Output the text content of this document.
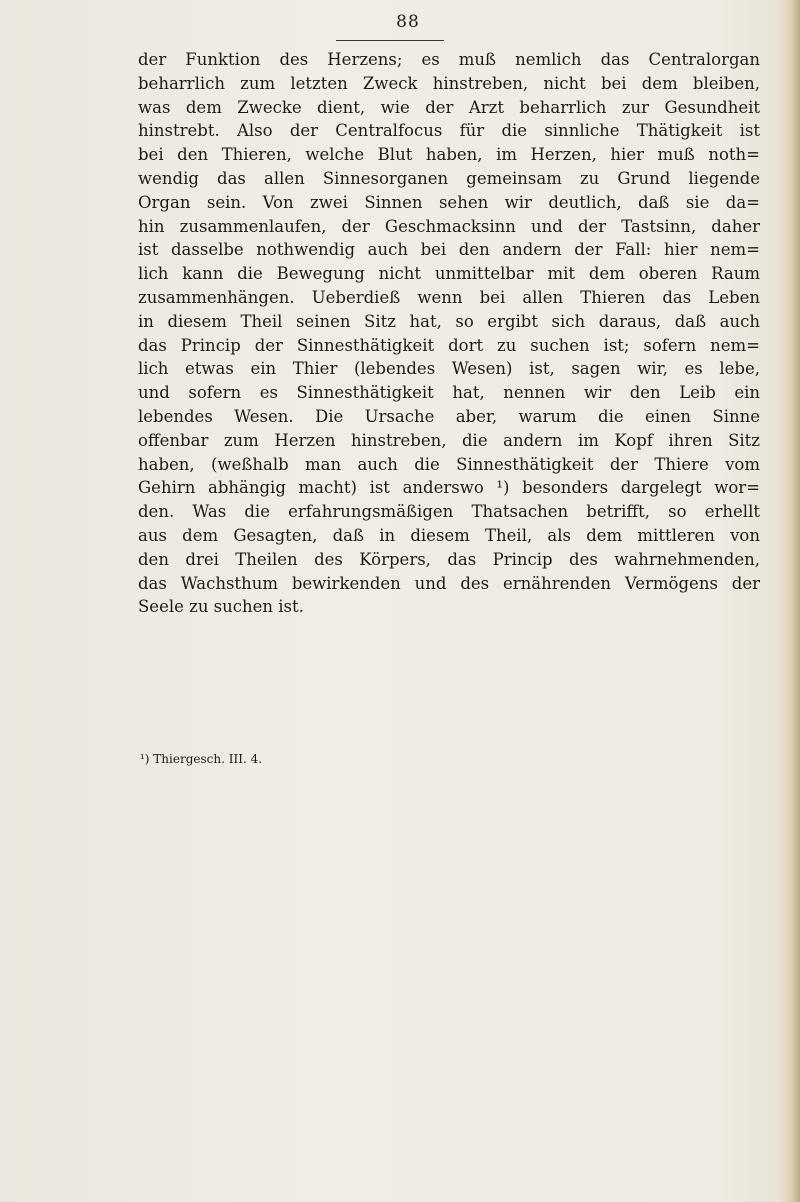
88
der Funktion des Herzens; es muß nemlich das Centralorgan
beharrlich zum letzten Zweck hinstreben, nicht bei dem bleiben,
was dem Zwecke dient, wie der Arzt beharrlich zur Gesundheit
hinstrebt. Also der Centralfocus für die sinnliche Thätigkeit ist
bei den Thieren, welche Blut haben, im Herzen, hier muß noth=
wendig das allen Sinnesorganen gemeinsam zu Grund liegende
Organ sein. Von zwei Sinnen sehen wir deutlich, daß sie da=
hin zusammenlaufen, der Geschmacksinn und der Tastsinn, daher
ist dasselbe nothwendig auch bei den andern der Fall: hier nem=
lich kann die Bewegung nicht unmittelbar mit dem oberen Raum
zusammenhängen. Ueberdieß wenn bei allen Thieren das Leben
in diesem Theil seinen Sitz hat, so ergibt sich daraus, daß auch
das Princip der Sinnesthätigkeit dort zu suchen ist; sofern nem=
lich etwas ein Thier (lebendes Wesen) ist, sagen wir, es lebe,
und sofern es Sinnesthätigkeit hat, nennen wir den Leib ein
lebendes Wesen. Die Ursache aber, warum die einen Sinne
offenbar zum Herzen hinstreben, die andern im Kopf ihren Sitz
haben, (weßhalb man auch die Sinnesthätigkeit der Thiere vom
Gehirn abhängig macht) ist anderswo ¹) besonders dargelegt wor=
den. Was die erfahrungsmäßigen Thatsachen betrifft, so erhellt
aus dem Gesagten, daß in diesem Theil, als dem mittleren von
den drei Theilen des Körpers, das Princip des wahrnehmenden,
das Wachsthum bewirkenden und des ernährenden Vermögens der
Seele zu suchen ist.
¹) Thiergesch. III. 4.
